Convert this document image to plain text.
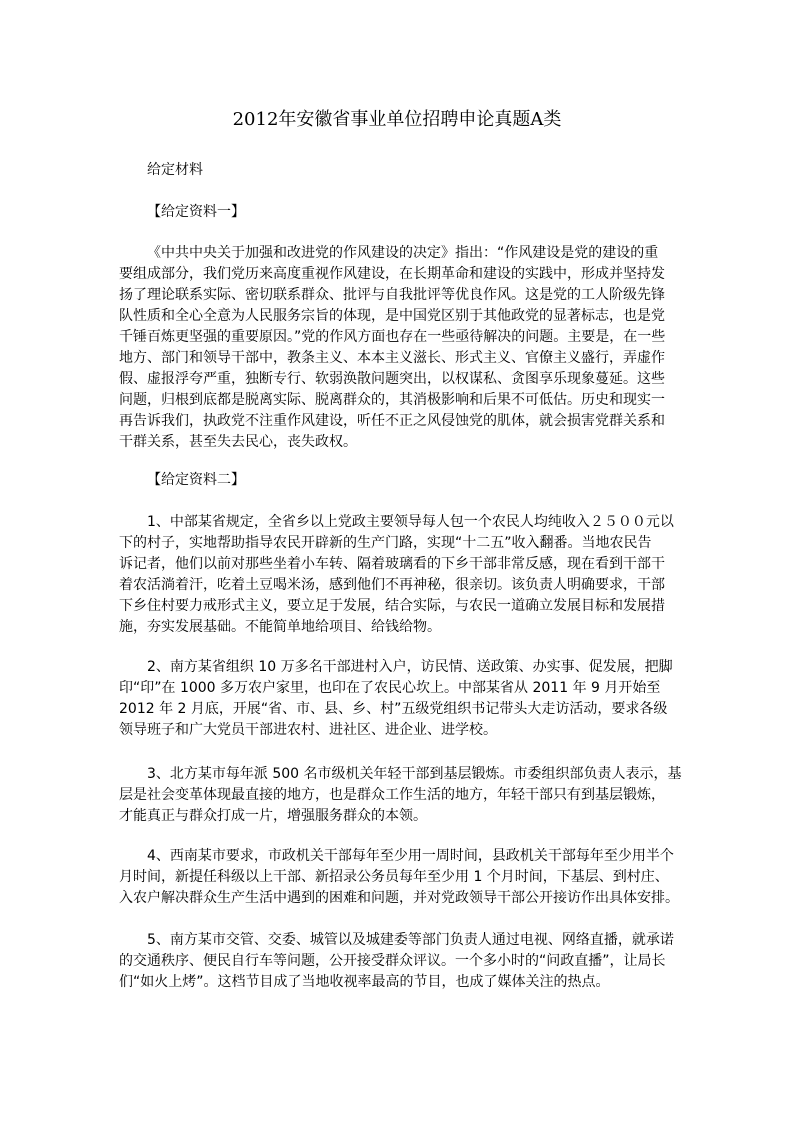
2012年安徽省事业单位招聘申论真题A类
给定材料
【给定资料一】
《中共中央关于加强和改进党的作风建设的决定》指出：“作风建设是党的建设的重
要组成部分，我们党历来高度重视作风建设，在长期革命和建设的实践中，形成并坚持发
扬了理论联系实际、密切联系群众、批评与自我批评等优良作风。这是党的工人阶级先锋
队性质和全心全意为人民服务宗旨的体现，是中国党区别于其他政党的显著标志，也是党
千锤百炼更坚强的重要原因。”党的作风方面也存在一些亟待解决的问题。主要是，在一些
地方、部门和领导干部中，教条主义、本本主义滋长、形式主义、官僚主义盛行，弄虚作
假、虚报浮夸严重，独断专行、软弱涣散问题突出，以权谋私、贪图享乐现象蔓延。这些
问题，归根到底都是脱离实际、脱离群众的，其消极影响和后果不可低估。历史和现实一
再告诉我们，执政党不注重作风建设，听任不正之风侵蚀党的肌体，就会损害党群关系和
干群关系，甚至失去民心，丧失政权。
【给定资料二】
1、中部某省规定，全省乡以上党政主要领导每人包一个农民人均纯收入２５００元以
下的村子，实地帮助指导农民开辟新的生产门路，实现“十二五”收入翻番。当地农民告
诉记者，他们以前对那些坐着小车转、隔着玻璃看的下乡干部非常反感，现在看到干部干
着农活淌着汗，吃着土豆喝米汤，感到他们不再神秘，很亲切。该负责人明确要求，干部
下乡住村要力戒形式主义，要立足于发展，结合实际，与农民一道确立发展目标和发展措
施，夯实发展基础。不能简单地给项目、给钱给物。
2、南方某省组织 10 万多名干部进村入户，访民情、送政策、办实事、促发展，把脚
印“印”在 1000 多万农户家里，也印在了农民心坎上。中部某省从 2011 年 9 月开始至
2012 年 2 月底，开展“省、市、县、乡、村”五级党组织书记带头大走访活动，要求各级
领导班子和广大党员干部进农村、进社区、进企业、进学校。
3、北方某市每年派 500 名市级机关年轻干部到基层锻炼。市委组织部负责人表示，基
层是社会变革体现最直接的地方，也是群众工作生活的地方，年轻干部只有到基层锻炼，
才能真正与群众打成一片，增强服务群众的本领。
4、西南某市要求，市政机关干部每年至少用一周时间，县政机关干部每年至少用半个
月时间，新提任科级以上干部、新招录公务员每年至少用 1 个月时间，下基层、到村庄、
入农户解决群众生产生活中遇到的困难和问题，并对党政领导干部公开接访作出具体安排。
5、南方某市交管、交委、城管以及城建委等部门负责人通过电视、网络直播，就承诺
的交通秩序、便民自行车等问题，公开接受群众评议。一个多小时的“问政直播”，让局长
们“如火上烤”。这档节目成了当地收视率最高的节目，也成了媒体关注的热点。
